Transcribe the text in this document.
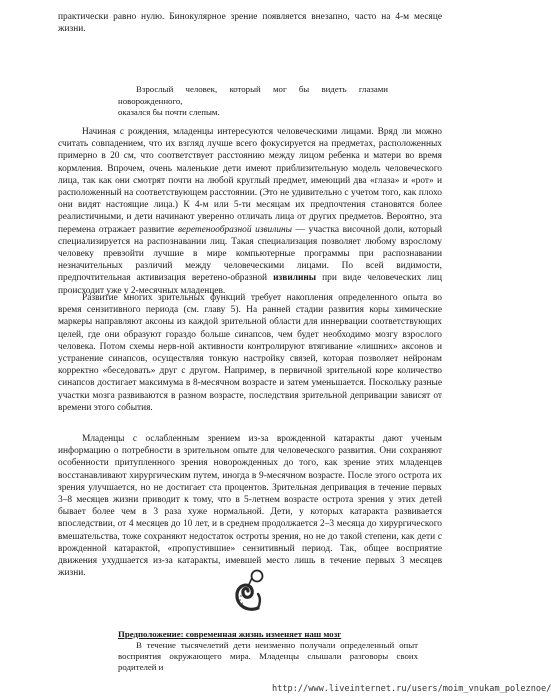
практически равно нулю. Бинокулярное зрение появляется внезапно, часто на 4-м месяце жизни.

Взрослый человек, который мог бы видеть глазами новорожденного,

оказался бы почти слепым.

Начиная с рождения, младенцы интересуются человеческими лицами. Вряд ли можно считать совпадением, что их взгляд лучше всего фокусируется на предметах, расположенных примерно в 20 см, что соответствует расстоянию между лицом ребенка и матери во время кормления. Впрочем, очень маленькие дети имеют приблизительную модель человеческого лица, так как они смотрят почти на любой круглый предмет, имеющий два «глаза» и «рот» и расположенный на соответствующем расстоянии. (Это не удивительно с учетом того, как плохо они видят настоящие лица.) К 4-м или 5-ти месяцам их предпочтения становятся более реалистичными, и дети начинают уверенно отличать лица от других предметов. Вероятно, эта перемена отражает развитие веретенообразной извилины — участка височной доли, который специализируется на распознавании лиц. Такая специализация позволяет любому взрослому человеку превзойти лучшие в мире компьютерные программы при распознавании незначительных различий между человеческими лицами. По всей видимости, предпочтительная активизация веретено-образной извилины при виде человеческих лиц происходит уже у 2-месячных младенцев.

Развитие многих зрительных функций требует накопления определенного опыта во время сензитивного периода (см. главу 5). На ранней стадии развития коры химические маркеры направляют аксоны из каждой зрительной области для иннервации соответствующих целей, где они образуют гораздо больше синапсов, чем будет необходимо мозгу взрослого человека. Потом схемы нерв-ной активности контролируют втягивание «лишних» аксонов и устранение синапсов, осуществляя тонкую настройку связей, которая позволяет нейронам корректно «беседовать» друг с другом. Например, в первичной зрительной коре количество синапсов достигает максимума в 8-месячном возрасте и затем уменьшается. Поскольку разные участки мозга развиваются в разном возрасте, последствия зрительной депривации зависят от времени этого события.

Младенцы с ослабленным зрением из-за врожденной катаракты дают ученым информацию о потребности в зрительном опыте для человеческого развития. Они сохраняют особенности притупленного зрения новорожденных до того, как зрение этих младенцев восстанавливают хирургическим путем, иногда в 9-месячном возрасте. После этого острота их зрения улучшается, но не достигает ста процентов. Зрительная депривация в течение первых 3–8 месяцев жизни приводит к тому, что в 5-летнем возрасте острота зрения у этих детей бывает более чем в 3 раза хуже нормальной. Дети, у которых катаракта развивается впоследствии, от 4 месяцев до 10 лет, и в среднем продолжается 2–3 месяца до хирургического вмешательства, тоже сохраняют недостаток остроты зрения, но не до такой степени, как дети с врожденной катарактой, «пропустившие» сензитивный период. Так, общее восприятие движения ухудшается из-за катаракты, имевшей место лишь в течение первых 3 месяцев жизни.

Предположение: современная жизнь изменяет наш мозг

В течение тысячелетий дети неизменно получали определенный опыт восприятия окружающего мира. Младенцы слышали разговоры своих родителей и

http://www.liveinternet.ru/users/moim_vnukam_poleznoe/
